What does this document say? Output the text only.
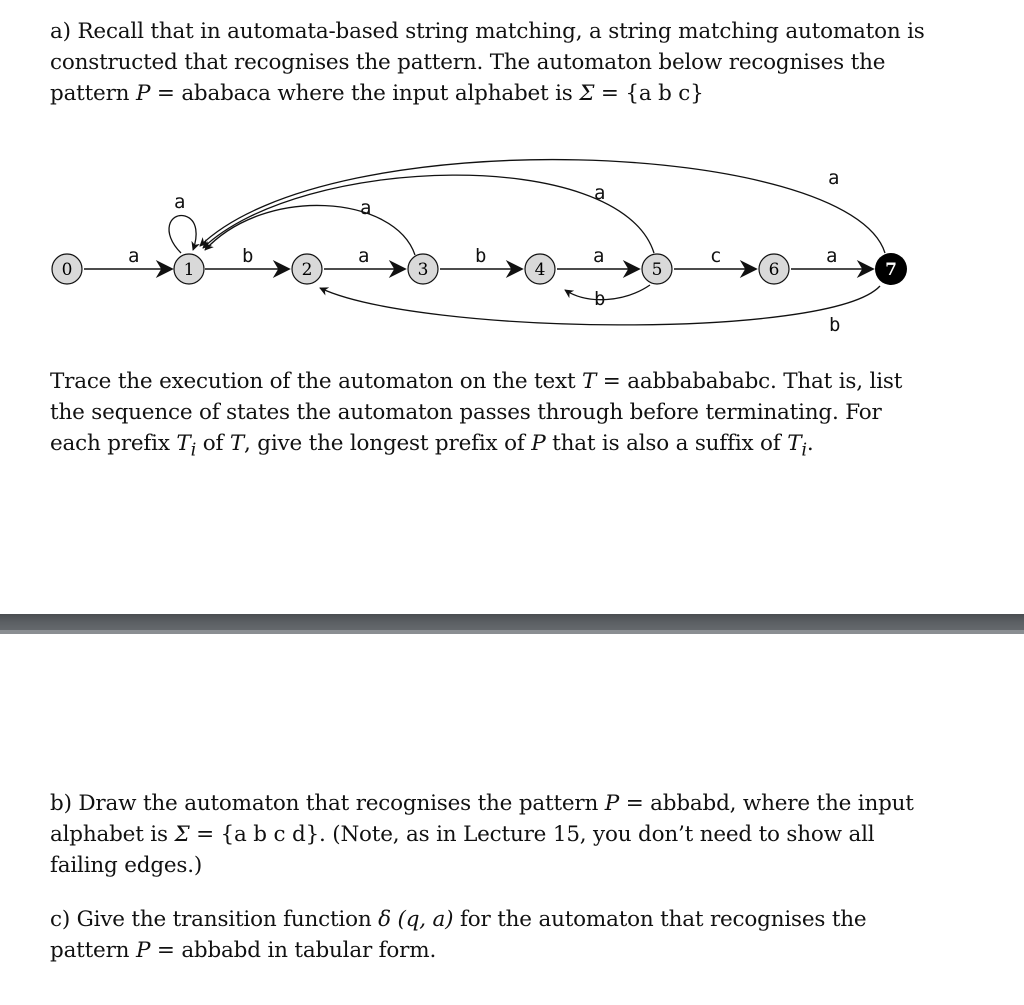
a) Recall that in automata-based string matching, a string matching automaton is
constructed that recognises the pattern. The automaton below recognises the
pattern P = ababaca where the input alphabet is Σ = {a b c}
0	1	2	3	4	5	6	7
a	b	a	b	a	c	a
a	a
a
a
b
b
Trace the execution of the automaton on the text T = aabbabababc. That is, list
the sequence of states the automaton passes through before terminating. For
each prefix $T_i$ of T, give the longest prefix of P that is also a suffix of $T_i$.
b) Draw the automaton that recognises the pattern P = abbabd, where the input
alphabet is Σ = {a b c d}. (Note, as in Lecture 15, you don’t need to show all
failing edges.)
c) Give the transition function δ (q, a) for the automaton that recognises the
pattern P = abbabd in tabular form.
